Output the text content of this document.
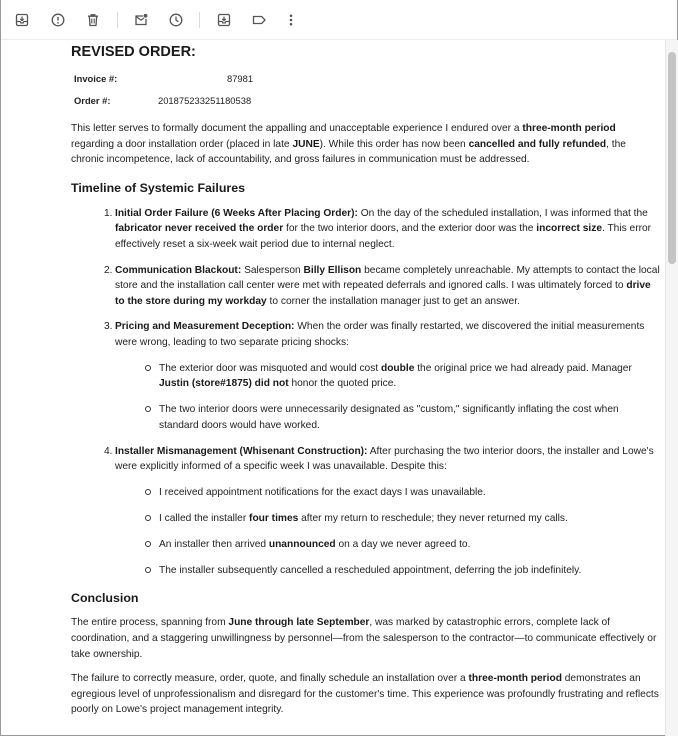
REVISED ORDER:
Invoice #:	87981
Order #:	201875233251180538

This letter serves to formally document the appalling and unacceptable experience I endured over a three-month period regarding a door installation order (placed in late JUNE). While this order has now been cancelled and fully refunded, the chronic incompetence, lack of accountability, and gross failures in communication must be addressed.

Timeline of Systemic Failures
1. Initial Order Failure (6 Weeks After Placing Order): On the day of the scheduled installation, I was informed that the fabricator never received the order for the two interior doors, and the exterior door was the incorrect size. This error effectively reset a six-week wait period due to internal neglect.
2. Communication Blackout: Salesperson Billy Ellison became completely unreachable. My attempts to contact the local store and the installation call center were met with repeated deferrals and ignored calls. I was ultimately forced to drive to the store during my workday to corner the installation manager just to get an answer.
3. Pricing and Measurement Deception: When the order was finally restarted, we discovered the initial measurements were wrong, leading to two separate pricing shocks:
The exterior door was misquoted and would cost double the original price we had already paid. Manager Justin (store#1875) did not honor the quoted price.
The two interior doors were unnecessarily designated as "custom," significantly inflating the cost when standard doors would have worked.
4. Installer Mismanagement (Whisenant Construction): After purchasing the two interior doors, the installer and Lowe's were explicitly informed of a specific week I was unavailable. Despite this:
I received appointment notifications for the exact days I was unavailable.
I called the installer four times after my return to reschedule; they never returned my calls.
An installer then arrived unannounced on a day we never agreed to.
The installer subsequently cancelled a rescheduled appointment, deferring the job indefinitely.
Conclusion

The entire process, spanning from June through late September, was marked by catastrophic errors, complete lack of coordination, and a staggering unwillingness by personnel—from the salesperson to the contractor—to communicate effectively or take ownership.

The failure to correctly measure, order, quote, and finally schedule an installation over a three-month period demonstrates an egregious level of unprofessionalism and disregard for the customer's time. This experience was profoundly frustrating and reflects poorly on Lowe's project management integrity.
